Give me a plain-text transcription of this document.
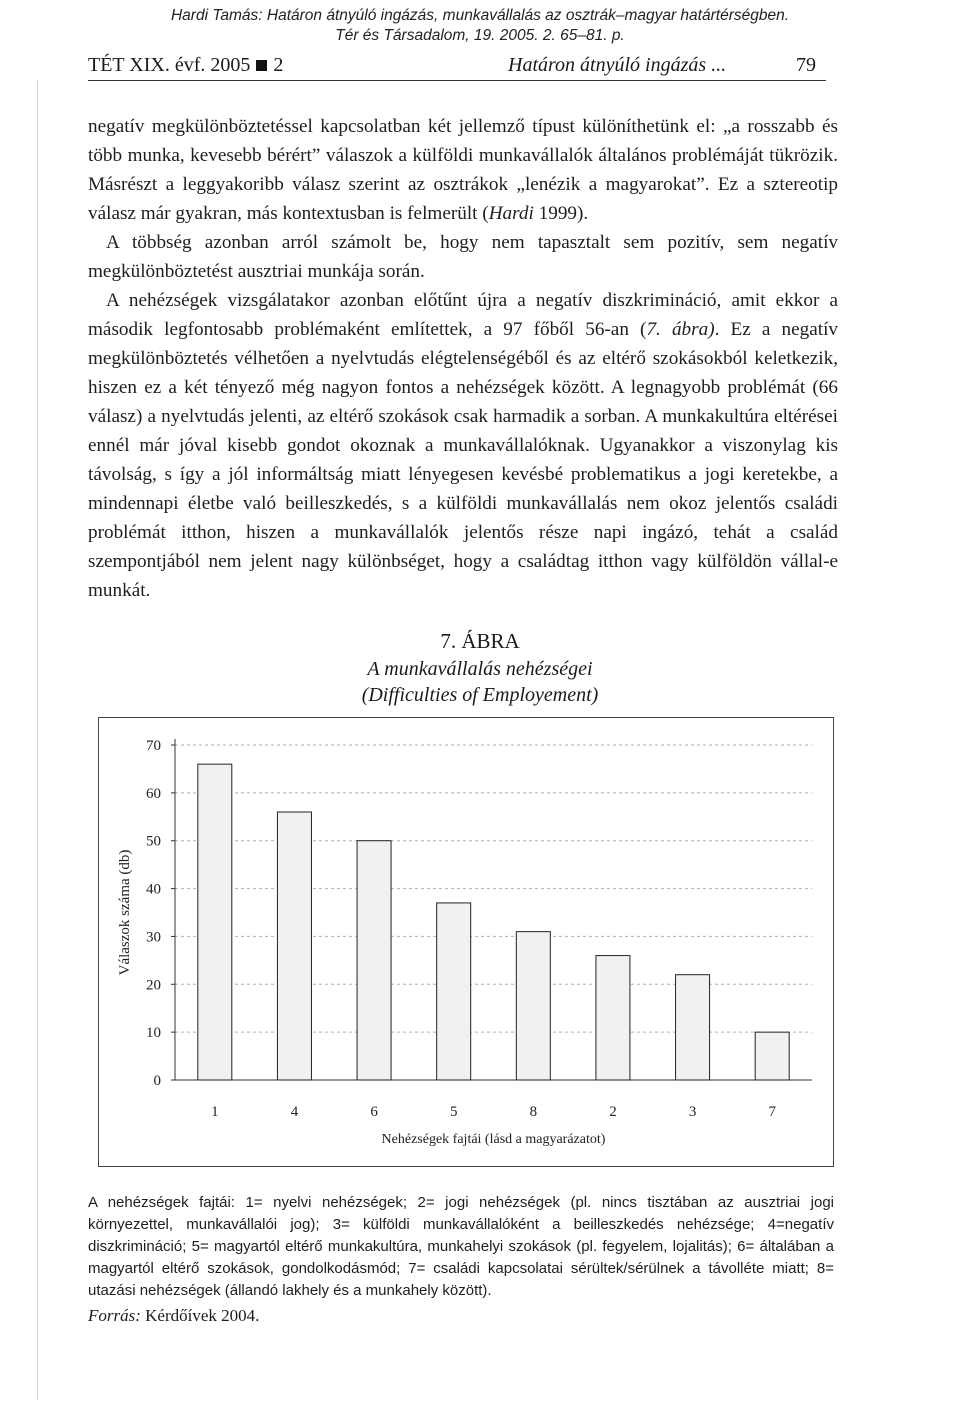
Hardi Tamás: Határon átnyúló ingázás, munkavállalás az osztrák–magyar határtérségben.
Tér és Társadalom, 19. 2005. 2. 65–81. p.
TÉT XIX. évf. 2005 2	Határon átnyúló ingázás ...	79

negatív megkülönböztetéssel kapcsolatban két jellemző típust különíthetünk el: „a rosszabb és több munka, kevesebb bérért” válaszok a külföldi munkavállalók általános problémáját tükrözik. Másrészt a leggyakoribb válasz szerint az osztrákok „lenézik a magyarokat”. Ez a sztereotip válasz már gyakran, más kontextusban is felmerült (Hardi 1999).

A többség azonban arról számolt be, hogy nem tapasztalt sem pozitív, sem negatív megkülönböztetést ausztriai munkája során.

A nehézségek vizsgálatakor azonban előtűnt újra a negatív diszkrimináció, amit ekkor a második legfontosabb problémaként említettek, a 97 főből 56-an (7. ábra). Ez a negatív megkülönböztetés vélhetően a nyelvtudás elégtelenségéből és az eltérő szokásokból keletkezik, hiszen ez a két tényező még nagyon fontos a nehézségek között. A legnagyobb problémát (66 válasz) a nyelvtudás jelenti, az eltérő szokások csak harmadik a sorban. A munkakultúra eltérései ennél már jóval kisebb gondot okoznak a munkavállalóknak. Ugyanakkor a viszonylag kis távolság, s így a jól informáltság miatt lényegesen kevésbé problematikus a jogi keretekbe, a mindennapi életbe való beilleszkedés, s a külföldi munkavállalás nem okoz jelentős családi problémát itthon, hiszen a munkavállalók jelentős része napi ingázó, tehát a család szempontjából nem jelent nagy különbséget, hogy a családtag itthon vagy külföldön vállal-e munkát.

7. ÁBRA
A munkavállalás nehézségei
(Difficulties of Employement)
0
10
20
30
40
50
60
70
1	4	6	5	8	2	3	7
Válaszok száma (db)
Nehézségek fajtái (lásd a magyarázatot)
A nehézségek fajtái: 1= nyelvi nehézségek; 2= jogi nehézségek (pl. nincs tisztában az ausztriai jogi környezettel, munkavállalói jog); 3= külföldi munkavállalóként a beilleszkedés nehézsége; 4=negatív diszkrimináció; 5= magyartól eltérő munkakultúra, munkahelyi szokások (pl. fegyelem, lojalitás); 6= általában a magyartól eltérő szokások, gondolkodásmód; 7= családi kapcsolatai sérültek/sérülnek a távolléte miatt; 8= utazási nehézségek (állandó lakhely és a munkahely között).
Forrás: Kérdőívek 2004.
